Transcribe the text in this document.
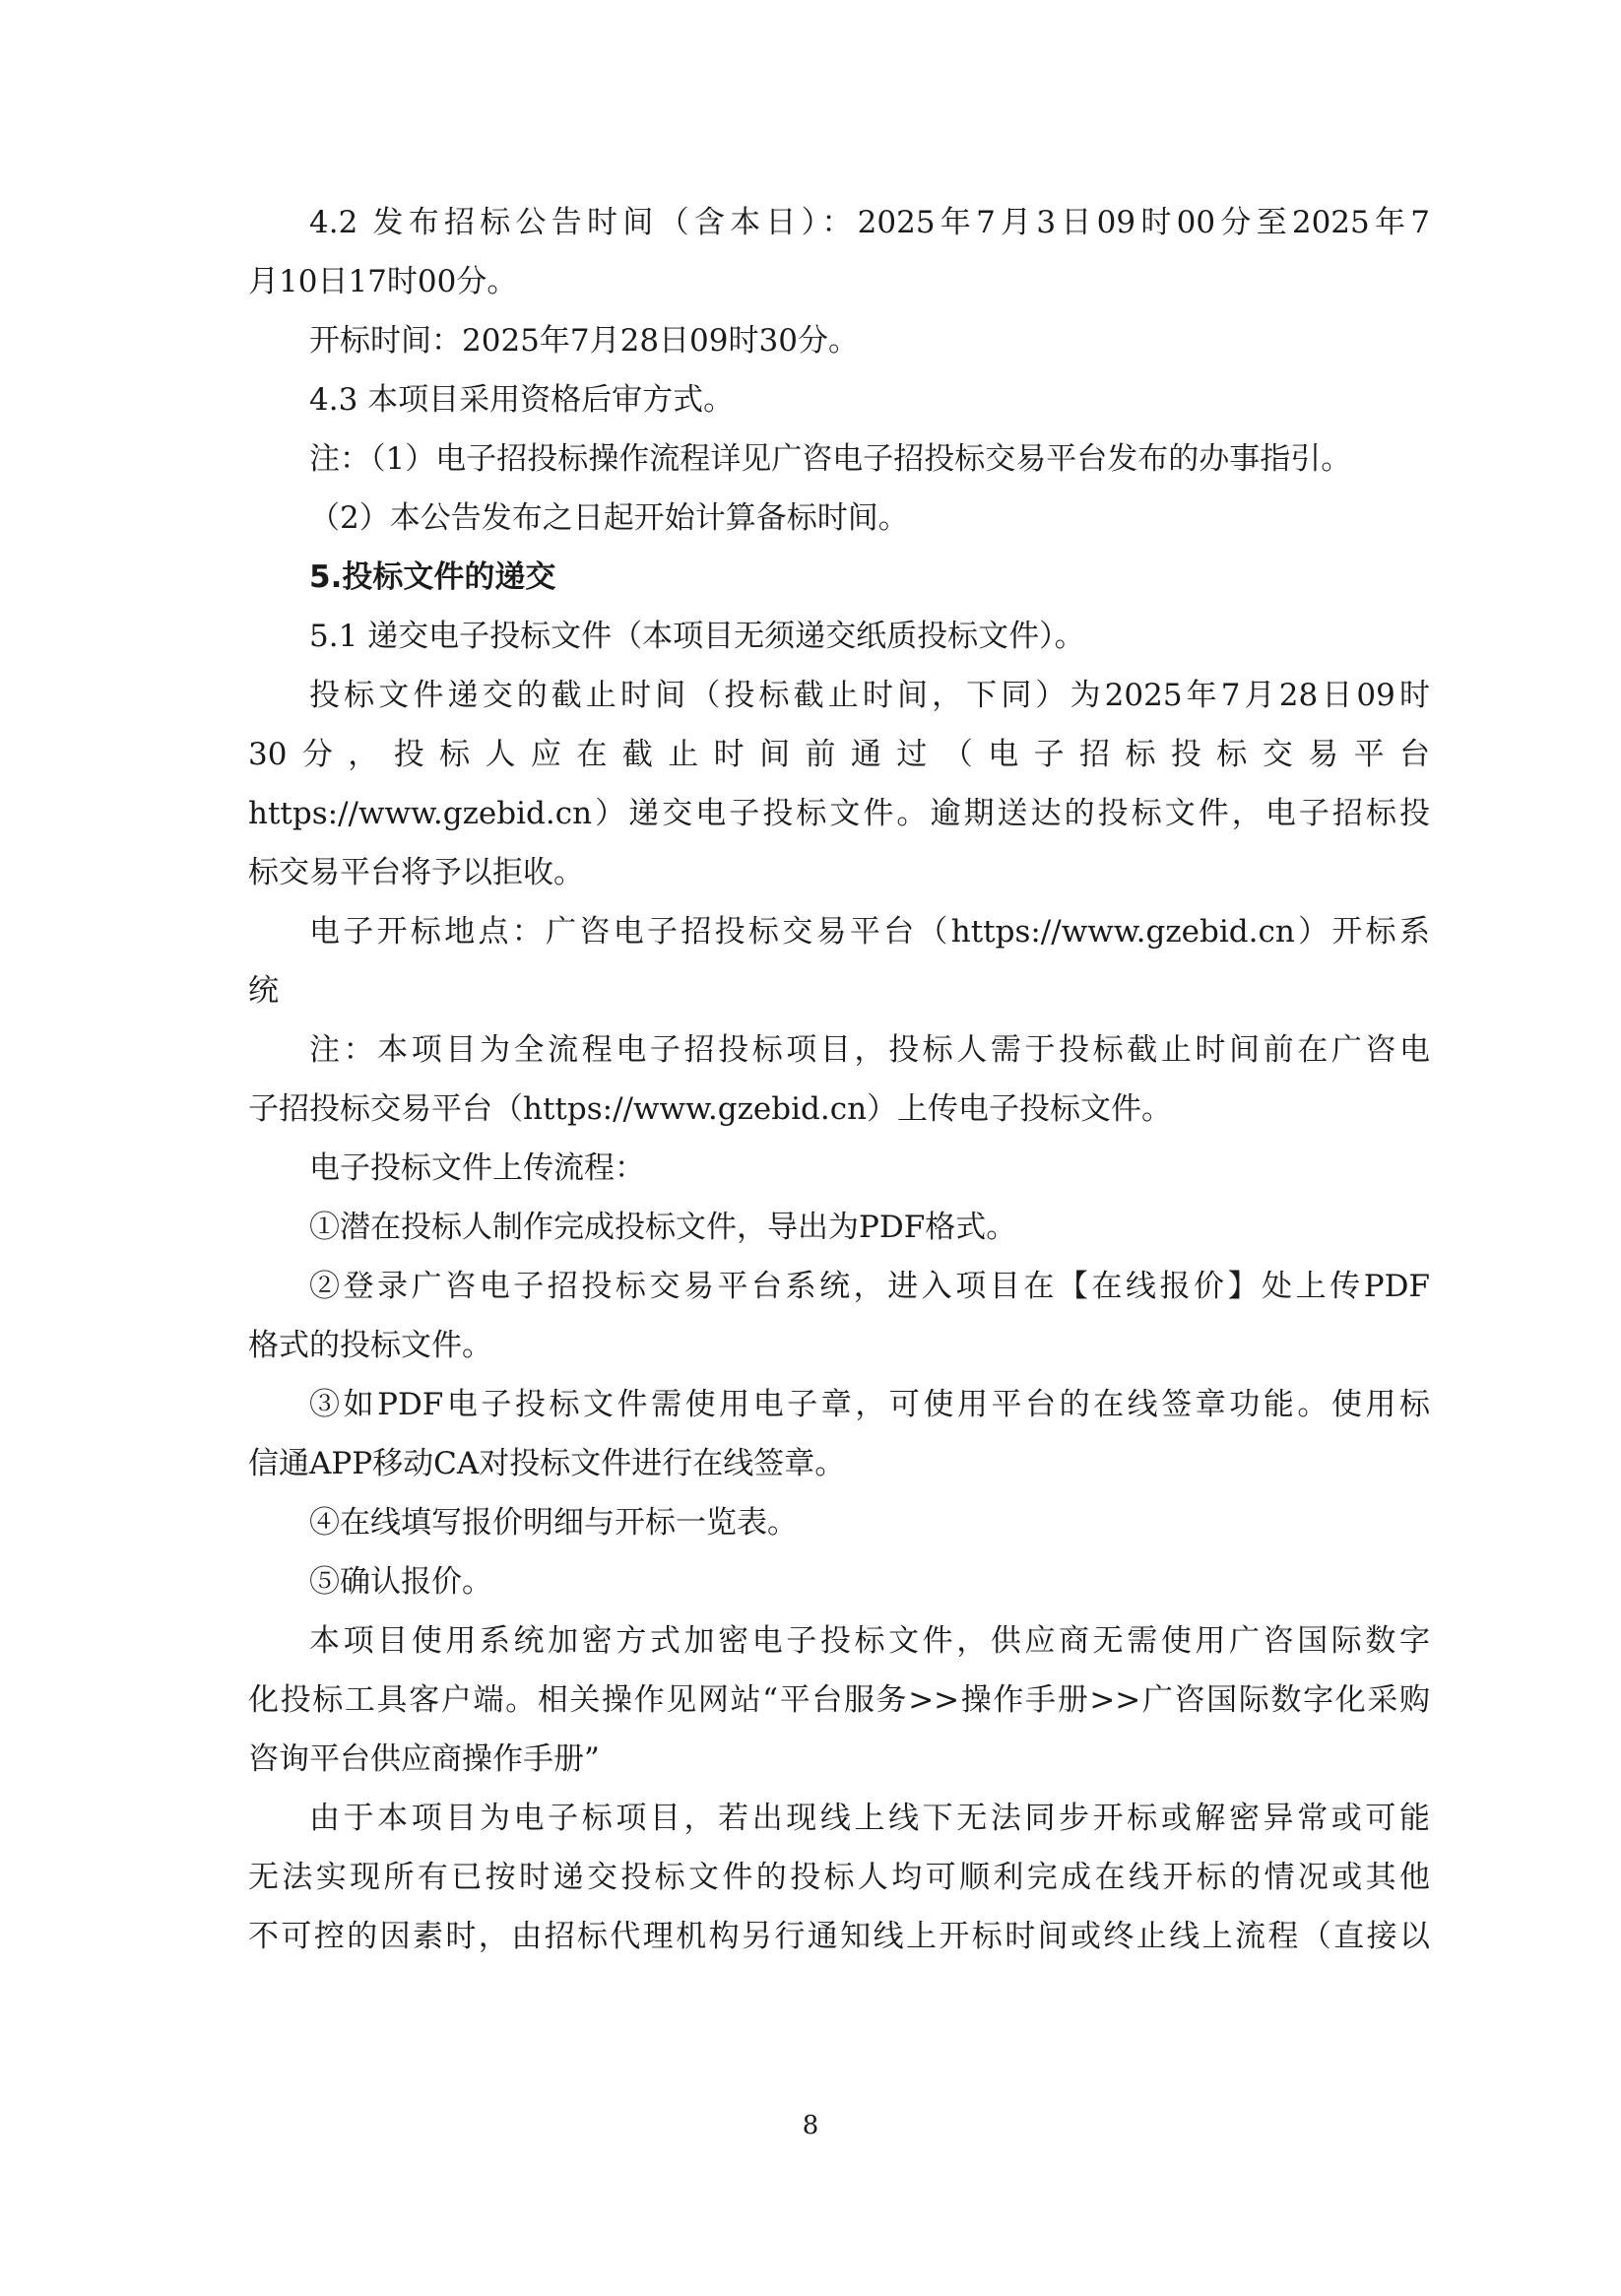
4.2 发布招标公告时间（含本日）：2025年7月3日09时00分至2025年7

月10日17时00分。

开标时间：2025年7月28日09时30分。

4.3 本项目采用资格后审方式。

注：（1）电子招投标操作流程详见广咨电子招投标交易平台发布的办事指引。

（2）本公告发布之日起开始计算备标时间。

5.投标文件的递交

5.1 递交电子投标文件（本项目无须递交纸质投标文件）。

投标文件递交的截止时间（投标截止时间，下同）为2025年7月28日09时

30分，投标人应在截止时间前通过（电子招标投标交易平台

https://www.gzebid.cn）递交电子投标文件。逾期送达的投标文件，电子招标投

标交易平台将予以拒收。

电子开标地点：广咨电子招投标交易平台（https://www.gzebid.cn）开标系

统

注：本项目为全流程电子招投标项目，投标人需于投标截止时间前在广咨电

子招投标交易平台（https://www.gzebid.cn）上传电子投标文件。

电子投标文件上传流程：

①潜在投标人制作完成投标文件，导出为PDF格式。

②登录广咨电子招投标交易平台系统，进入项目在【在线报价】处上传PDF

格式的投标文件。

③如PDF电子投标文件需使用电子章，可使用平台的在线签章功能。使用标

信通APP移动CA对投标文件进行在线签章。

④在线填写报价明细与开标一览表。

⑤确认报价。

本项目使用系统加密方式加密电子投标文件，供应商无需使用广咨国际数字

化投标工具客户端。相关操作见网站“平台服务>>操作手册>>广咨国际数字化采购

咨询平台供应商操作手册”

由于本项目为电子标项目，若出现线上线下无法同步开标或解密异常或可能

无法实现所有已按时递交投标文件的投标人均可顺利完成在线开标的情况或其他

不可控的因素时，由招标代理机构另行通知线上开标时间或终止线上流程（直接以

8
